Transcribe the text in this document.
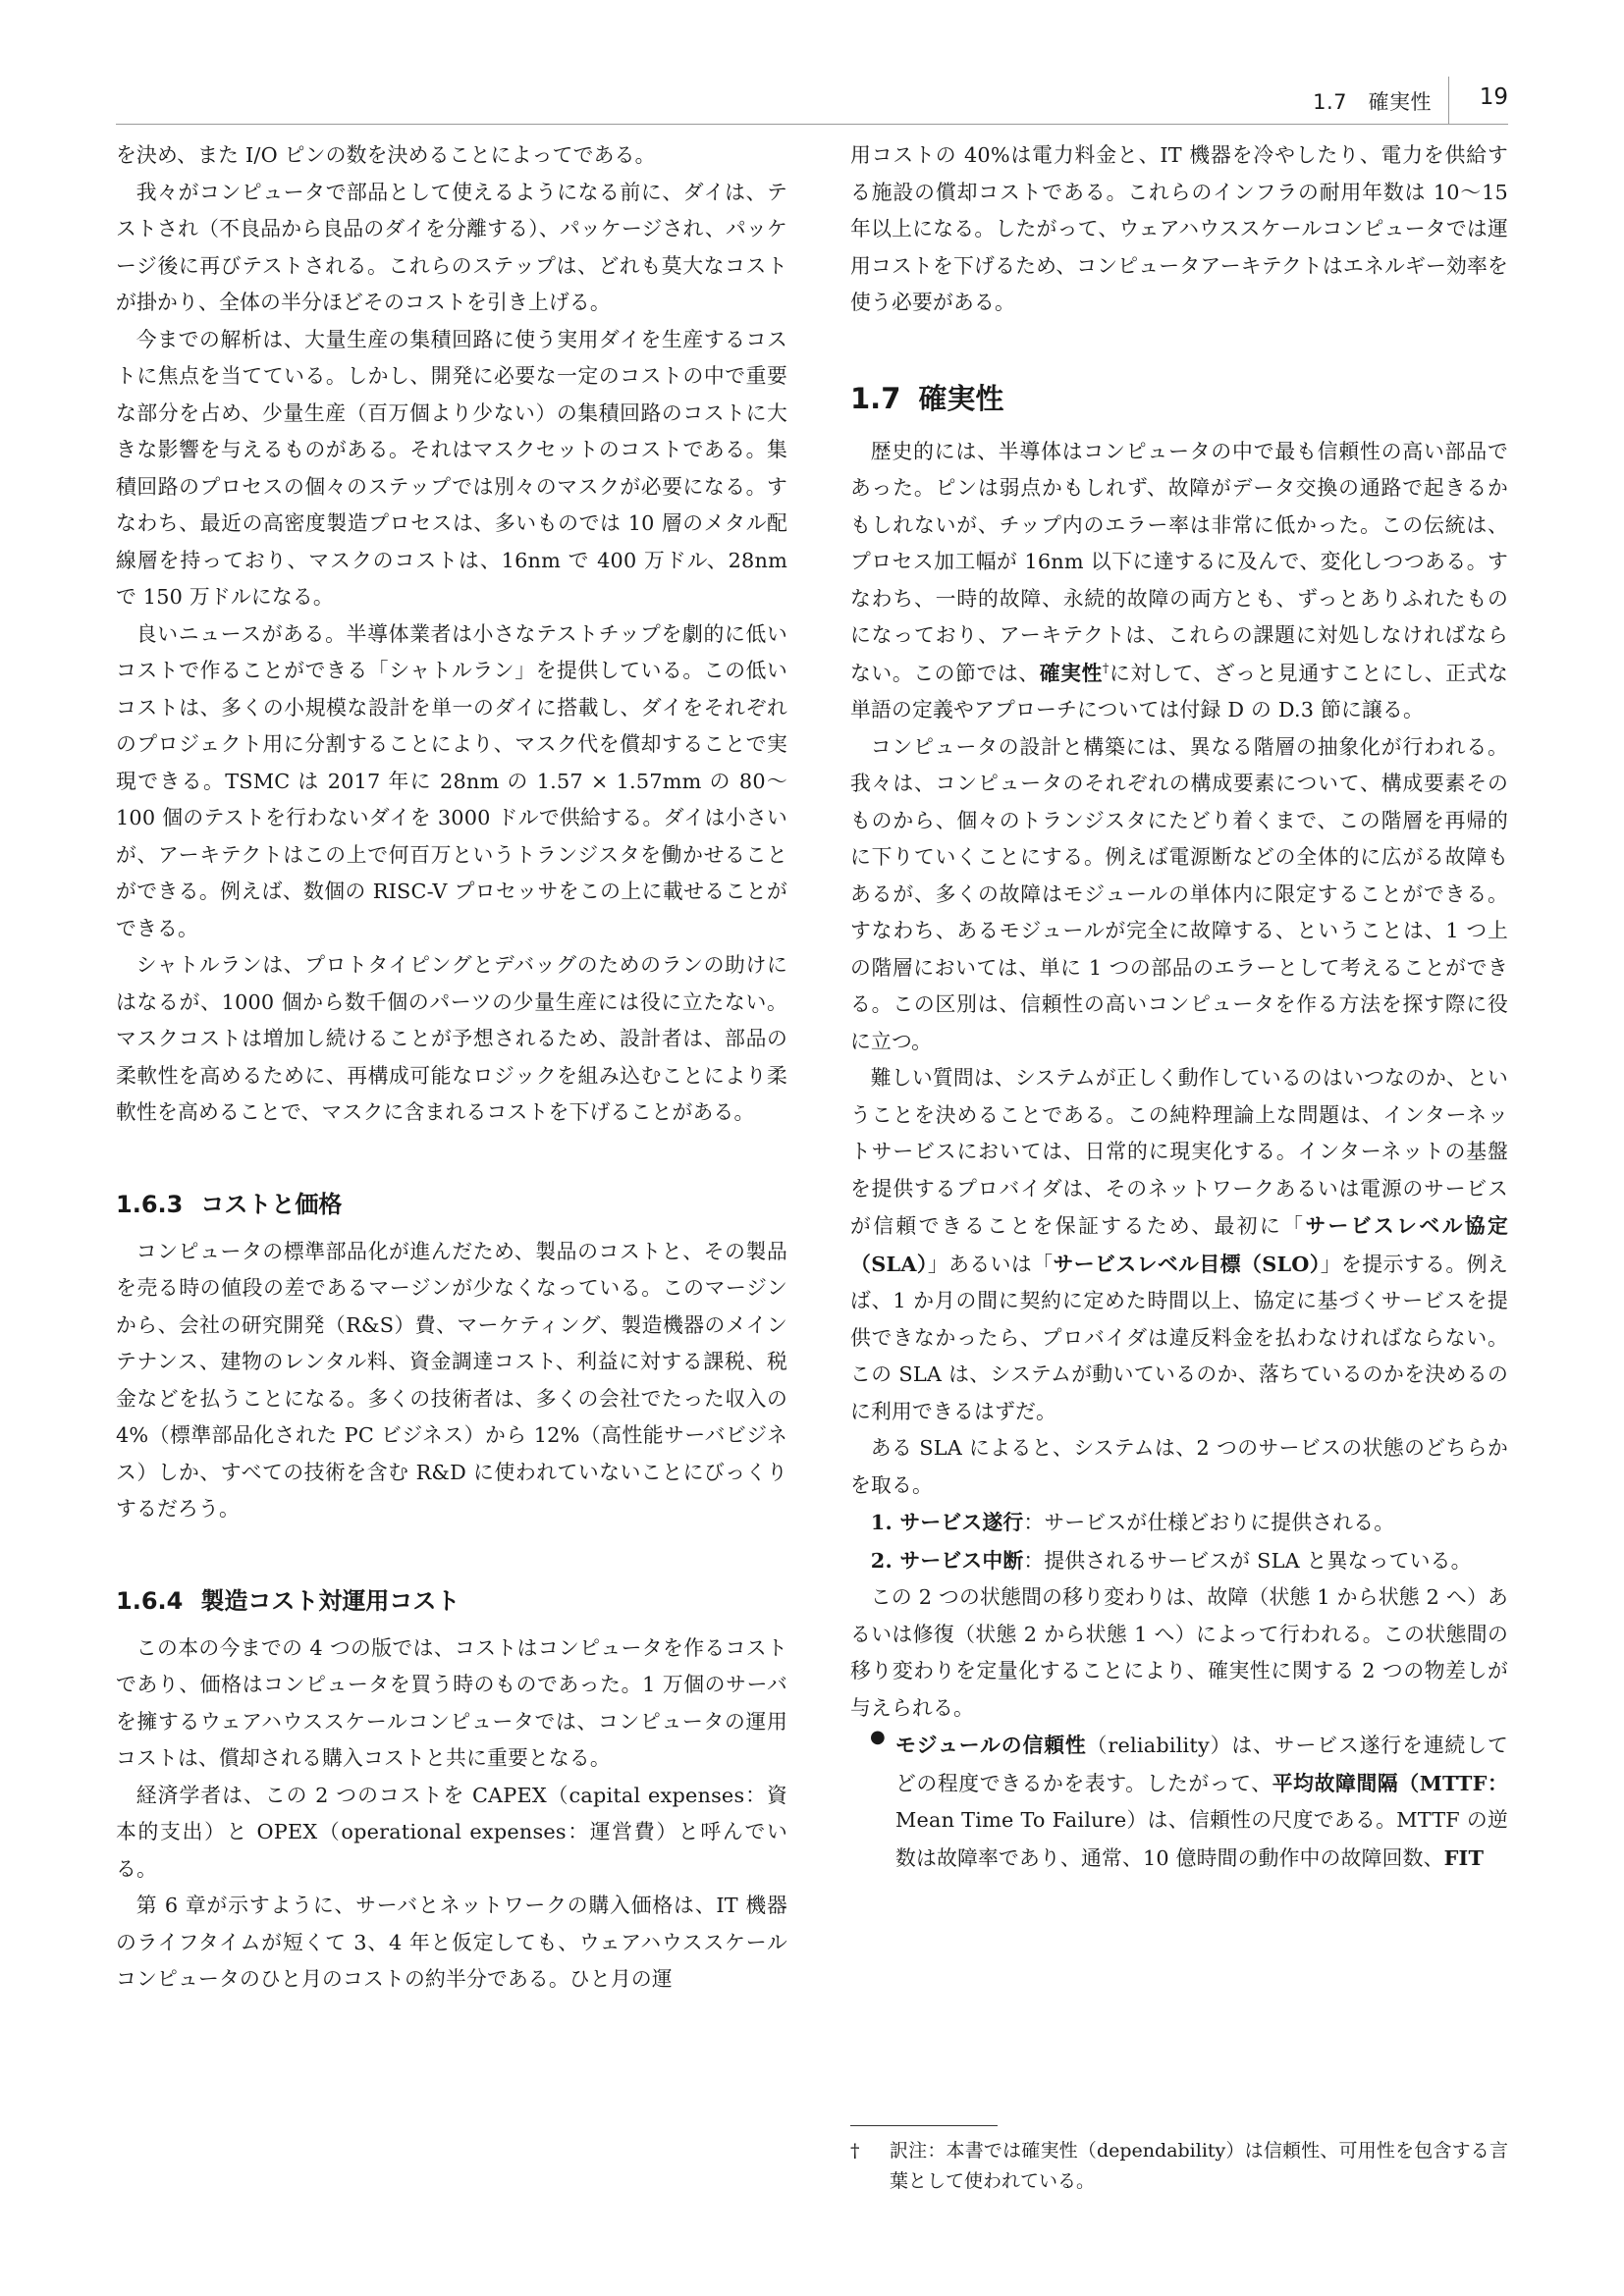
1.7　確実性 19

を決め、また I/O ピンの数を決めることによってである。

我々がコンピュータで部品として使えるようになる前に、ダイは、テストされ（不良品から良品のダイを分離する）、パッケージされ、パッケージ後に再びテストされる。これらのステップは、どれも莫大なコストが掛かり、全体の半分ほどそのコストを引き上げる。

今までの解析は、大量生産の集積回路に使う実用ダイを生産するコストに焦点を当てている。しかし、開発に必要な一定のコストの中で重要な部分を占め、少量生産（百万個より少ない）の集積回路のコストに大きな影響を与えるものがある。それはマスクセットのコストである。集積回路のプロセスの個々のステップでは別々のマスクが必要になる。すなわち、最近の高密度製造プロセスは、多いものでは 10 層のメタル配線層を持っており、マスクのコストは、16nm で 400 万ドル、28nm で 150 万ドルになる。

良いニュースがある。半導体業者は小さなテストチップを劇的に低いコストで作ることができる「シャトルラン」を提供している。この低いコストは、多くの小規模な設計を単一のダイに搭載し、ダイをそれぞれのプロジェクト用に分割することにより、マスク代を償却することで実現できる。TSMC は 2017 年に 28nm の 1.57 × 1.57mm の 80〜100 個のテストを行わないダイを 3000 ドルで供給する。ダイは小さいが、アーキテクトはこの上で何百万というトランジスタを働かせることができる。例えば、数個の RISC-V プロセッサをこの上に載せることができる。

シャトルランは、プロトタイピングとデバッグのためのランの助けにはなるが、1000 個から数千個のパーツの少量生産には役に立たない。マスクコストは増加し続けることが予想されるため、設計者は、部品の柔軟性を高めるために、再構成可能なロジックを組み込むことにより柔軟性を高めることで、マスクに含まれるコストを下げることがある。

1.6.3 コストと価格

コンピュータの標準部品化が進んだため、製品のコストと、その製品を売る時の値段の差であるマージンが少なくなっている。このマージンから、会社の研究開発（R&S）費、マーケティング、製造機器のメインテナンス、建物のレンタル料、資金調達コスト、利益に対する課税、税金などを払うことになる。多くの技術者は、多くの会社でたった収入の 4%（標準部品化された PC ビジネス）から 12%（高性能サーバビジネス）しか、すべての技術を含む R&D に使われていないことにびっくりするだろう。

1.6.4 製造コスト対運用コスト

この本の今までの 4 つの版では、コストはコンピュータを作るコストであり、価格はコンピュータを買う時のものであった。1 万個のサーバを擁するウェアハウススケールコンピュータでは、コンピュータの運用コストは、償却される購入コストと共に重要となる。

経済学者は、この 2 つのコストを CAPEX（capital expenses：資本的支出）と OPEX（operational expenses：運営費）と呼んでいる。

第 6 章が示すように、サーバとネットワークの購入価格は、IT 機器のライフタイムが短くて 3、4 年と仮定しても、ウェアハウススケールコンピュータのひと月のコストの約半分である。ひと月の運

用コストの 40%は電力料金と、IT 機器を冷やしたり、電力を供給する施設の償却コストである。これらのインフラの耐用年数は 10〜15 年以上になる。したがって、ウェアハウススケールコンピュータでは運用コストを下げるため、コンピュータアーキテクトはエネルギー効率を使う必要がある。

1.7 確実性

歴史的には、半導体はコンピュータの中で最も信頼性の高い部品であった。ピンは弱点かもしれず、故障がデータ交換の通路で起きるかもしれないが、チップ内のエラー率は非常に低かった。この伝統は、プロセス加工幅が 16nm 以下に達するに及んで、変化しつつある。すなわち、一時的故障、永続的故障の両方とも、ずっとありふれたものになっており、アーキテクトは、これらの課題に対処しなければならない。この節では、確実性†に対して、ざっと見通すことにし、正式な単語の定義やアプローチについては付録 D の D.3 節に譲る。

コンピュータの設計と構築には、異なる階層の抽象化が行われる。我々は、コンピュータのそれぞれの構成要素について、構成要素そのものから、個々のトランジスタにたどり着くまで、この階層を再帰的に下りていくことにする。例えば電源断などの全体的に広がる故障もあるが、多くの故障はモジュールの単体内に限定することができる。すなわち、あるモジュールが完全に故障する、ということは、1 つ上の階層においては、単に 1 つの部品のエラーとして考えることができる。この区別は、信頼性の高いコンピュータを作る方法を探す際に役に立つ。

難しい質問は、システムが正しく動作しているのはいつなのか、ということを決めることである。この純粋理論上な問題は、インターネットサービスにおいては、日常的に現実化する。インターネットの基盤を提供するプロバイダは、そのネットワークあるいは電源のサービスが信頼できることを保証するため、最初に「サービスレベル協定（SLA）」あるいは「サービスレベル目標（SLO）」を提示する。例えば、1 か月の間に契約に定めた時間以上、協定に基づくサービスを提供できなかったら、プロバイダは違反料金を払わなければならない。この SLA は、システムが動いているのか、落ちているのかを決めるのに利用できるはずだ。

ある SLA によると、システムは、2 つのサービスの状態のどちらかを取る。

1. サービス遂行：サービスが仕様どおりに提供される。

2. サービス中断：提供されるサービスが SLA と異なっている。

この 2 つの状態間の移り変わりは、故障（状態 1 から状態 2 へ）あるいは修復（状態 2 から状態 1 へ）によって行われる。この状態間の移り変わりを定量化することにより、確実性に関する 2 つの物差しが与えられる。

● モジュールの信頼性（reliability）は、サービス遂行を連続してどの程度できるかを表す。したがって、平均故障間隔（MTTF：Mean Time To Failure）は、信頼性の尺度である。MTTF の逆数は故障率であり、通常、10 億時間の動作中の故障回数、FIT

† 訳注：本書では確実性（dependability）は信頼性、可用性を包含する言葉として使われている。
